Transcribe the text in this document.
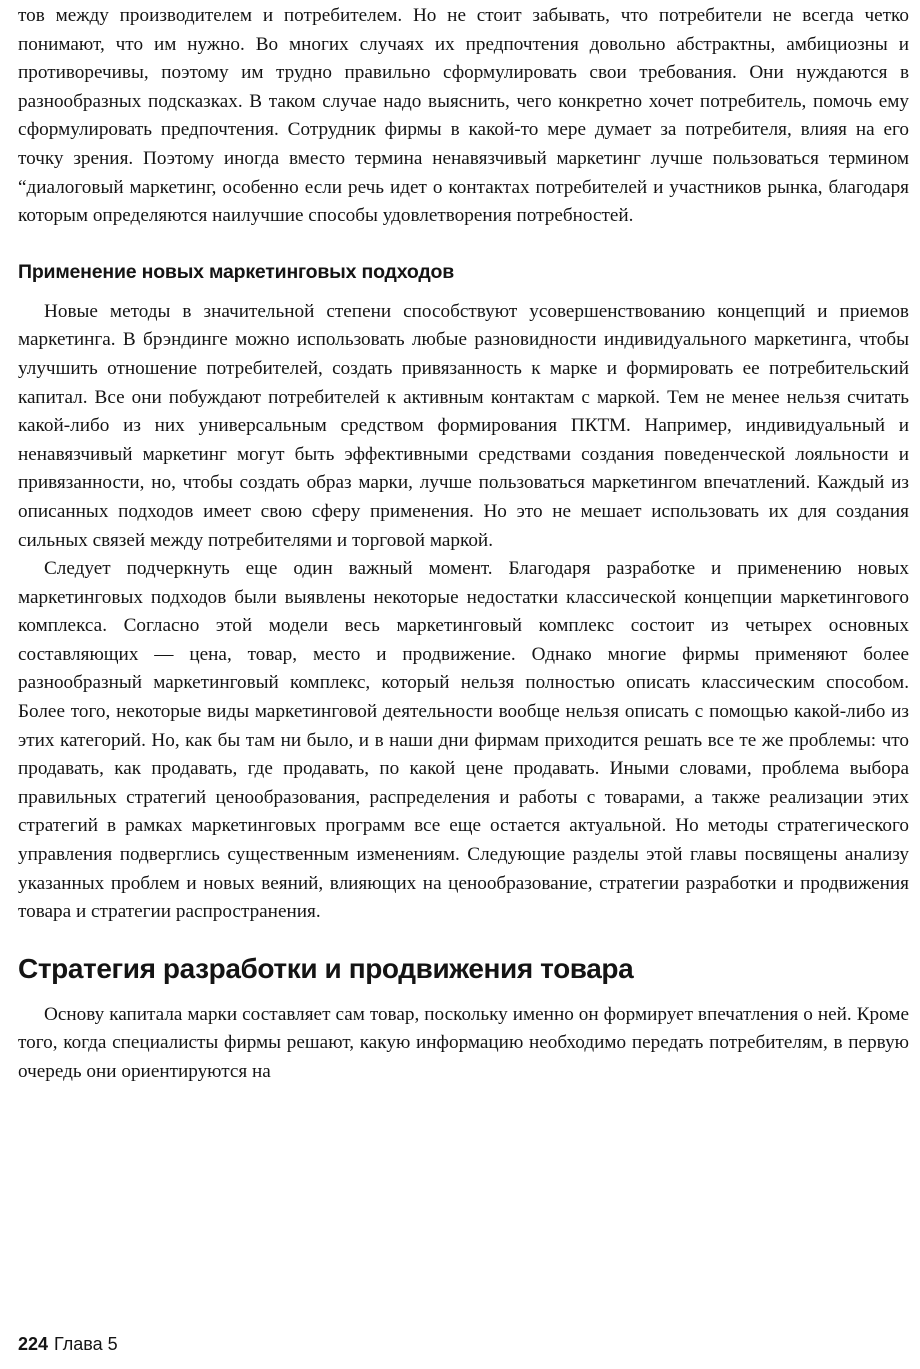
тов между производителем и потребителем. Но не стоит забывать, что потребители не всегда четко понимают, что им нужно. Во многих случаях их предпочтения довольно абстрактны, амбициозны и противоречивы, поэтому им трудно правильно сформулировать свои требования. Они нуждаются в разнообразных подсказках. В таком случае надо выяснить, чего конкретно хочет потребитель, помочь ему сформулировать предпочтения. Сотрудник фирмы в какой-то мере думает за потребителя, влияя на его точку зрения. Поэтому иногда вместо термина ненавязчивый маркетинг лучше пользоваться термином “диалоговый маркетинг, особенно если речь идет о контактах потребителей и участников рынка, благодаря которым определяются наилучшие способы удовлетворения потребностей.

Применение новых маркетинговых подходов

Новые методы в значительной степени способствуют усовершенствованию концепций и приемов маркетинга. В брэндинге можно использовать любые разновидности индивидуального маркетинга, чтобы улучшить отношение потребителей, создать привязанность к марке и формировать ее потребительский капитал. Все они побуждают потребителей к активным контактам с маркой. Тем не менее нельзя считать какой-либо из них универсальным средством формирования ПКТМ. Например, индивидуальный и ненавязчивый маркетинг могут быть эффективными средствами создания поведенческой лояльности и привязанности, но, чтобы создать образ марки, лучше пользоваться маркетингом впечатлений. Каждый из описанных подходов имеет свою сферу применения. Но это не мешает использовать их для создания сильных связей между потребителями и торговой маркой.

Следует подчеркнуть еще один важный момент. Благодаря разработке и применению новых маркетинговых подходов были выявлены некоторые недостатки классической концепции маркетингового комплекса. Согласно этой модели весь маркетинговый комплекс состоит из четырех основных составляющих — цена, товар, место и продвижение. Однако многие фирмы применяют более разнообразный маркетинговый комплекс, который нельзя полностью описать классическим способом. Более того, некоторые виды маркетинговой деятельности вообще нельзя описать с помощью какой-либо из этих категорий. Но, как бы там ни было, и в наши дни фирмам приходится решать все те же проблемы: что продавать, как продавать, где продавать, по какой цене продавать. Иными словами, проблема выбора правильных стратегий ценообразования, распределения и работы с товарами, а также реализации этих стратегий в рамках маркетинговых программ все еще остается актуальной. Но методы стратегического управления подверглись существенным изменениям. Следующие разделы этой главы посвящены анализу указанных проблем и новых веяний, влияющих на ценообразование, стратегии разработки и продвижения товара и стратегии распространения.

Стратегия разработки и продвижения товара

Основу капитала марки составляет сам товар, поскольку именно он формирует впечатления о ней. Кроме того, когда специалисты фирмы решают, какую информацию необходимо передать потребителям, в первую очередь они ориентируются на

224 Глава 5
